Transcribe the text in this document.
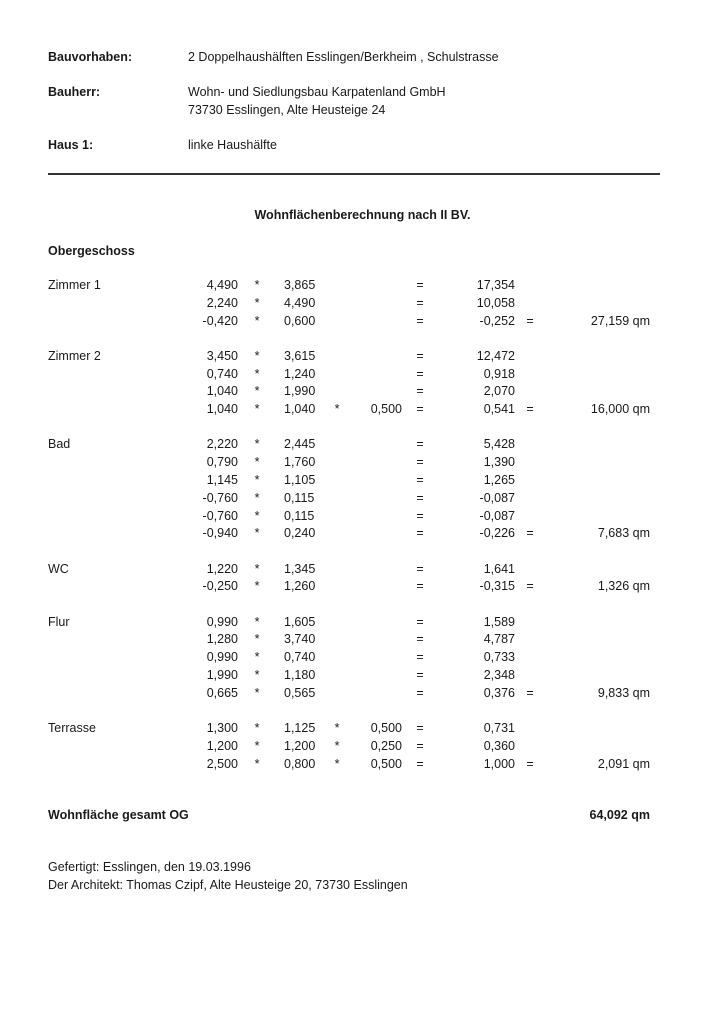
Bauvorhaben:	2 Doppelhaushälften Esslingen/Berkheim , Schulstrasse
Bauherr:	Wohn- und Siedlungsbau Karpatenland GmbH
73730 Esslingen, Alte Heusteige 24
Haus 1:	linke Haushälfte
Wohnflächenberechnung nach II BV.
Obergeschoss
Zimmer 1	4,490 * 3,865	=	17,354
2,240 * 4,490	=	10,058
-0,420 * 0,600	=	-0,252 =	27,159 qm
Zimmer 2	3,450 * 3,615	=	12,472
0,740 * 1,240	=	0,918
1,040 * 1,990	=	2,070
1,040 * 1,040 *	0,500 =	0,541 =	16,000 qm
Bad	2,220 * 2,445	=	5,428
0,790 * 1,760	=	1,390
1,145 * 1,105	=	1,265
-0,760 * 0,115	=	-0,087
-0,760 * 0,115	=	-0,087
-0,940 * 0,240	=	-0,226 =	7,683 qm
WC	1,220 * 1,345	=	1,641
-0,250 * 1,260	=	-0,315 =	1,326 qm
Flur	0,990 * 1,605	=	1,589
1,280 * 3,740	=	4,787
0,990 * 0,740	=	0,733
1,990 * 1,180	=	2,348
0,665 * 0,565	=	0,376 =	9,833 qm
Terrasse	1,300 * 1,125 *	0,500 =	0,731
1,200 * 1,200 *	0,250 =	0,360
2,500 * 0,800 *	0,500 =	1,000 =	2,091 qm
Wohnfläche gesamt OG	64,092 qm
Gefertigt: Esslingen, den 19.03.1996
Der Architekt: Thomas Czipf, Alte Heusteige 20, 73730 Esslingen
